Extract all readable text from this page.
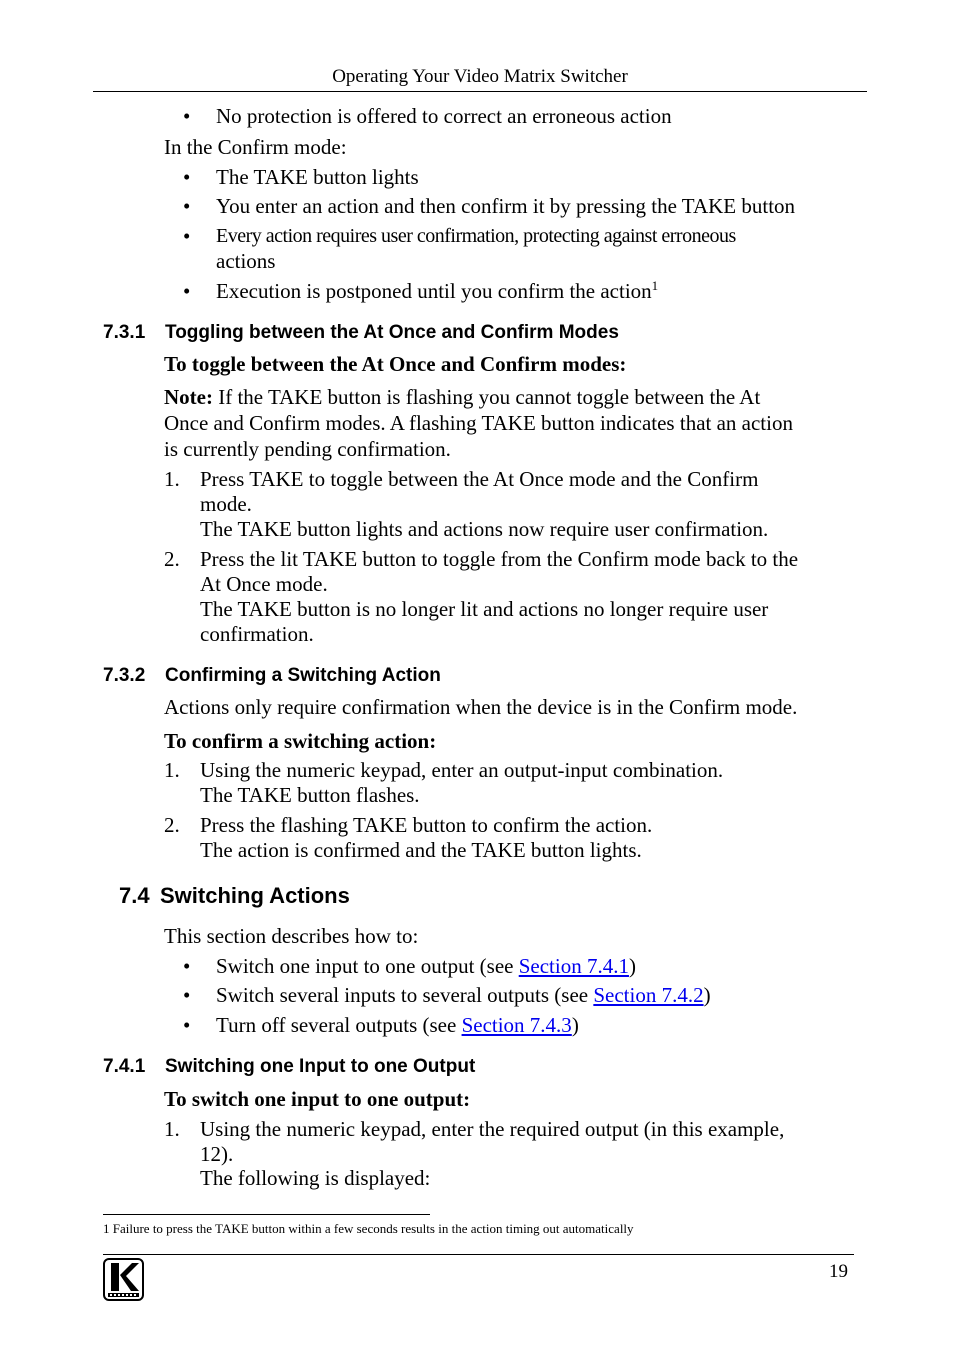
Operating Your Video Matrix Switcher
• No protection is offered to correct an erroneous action
In the Confirm mode:
• The TAKE button lights
• You enter an action and then confirm it by pressing the TAKE button
• Every action requires user confirmation, protecting against erroneous
actions
• Execution is postponed until you confirm the action$^1$
7.3.1 Toggling between the At Once and Confirm Modes
To toggle between the At Once and Confirm modes:
Note: If the TAKE button is flashing you cannot toggle between the At
Once and Confirm modes. A flashing TAKE button indicates that an action
is currently pending confirmation.
1. Press TAKE to toggle between the At Once mode and the Confirm
mode.
The TAKE button lights and actions now require user confirmation.
2. Press the lit TAKE button to toggle from the Confirm mode back to the
At Once mode.
The TAKE button is no longer lit and actions no longer require user
confirmation.
7.3.2 Confirming a Switching Action
Actions only require confirmation when the device is in the Confirm mode.
To confirm a switching action:
1. Using the numeric keypad, enter an output-input combination.
The TAKE button flashes.
2. Press the flashing TAKE button to confirm the action.
The action is confirmed and the TAKE button lights.
7.4 Switching Actions
This section describes how to:
• Switch one input to one output (see Section 7.4.1)
• Switch several inputs to several outputs (see Section 7.4.2)
• Turn off several outputs (see Section 7.4.3)
7.4.1 Switching one Input to one Output
To switch one input to one output:
1. Using the numeric keypad, enter the required output (in this example,
12).
The following is displayed:
1 Failure to press the TAKE button within a few seconds results in the action timing out automatically
19
